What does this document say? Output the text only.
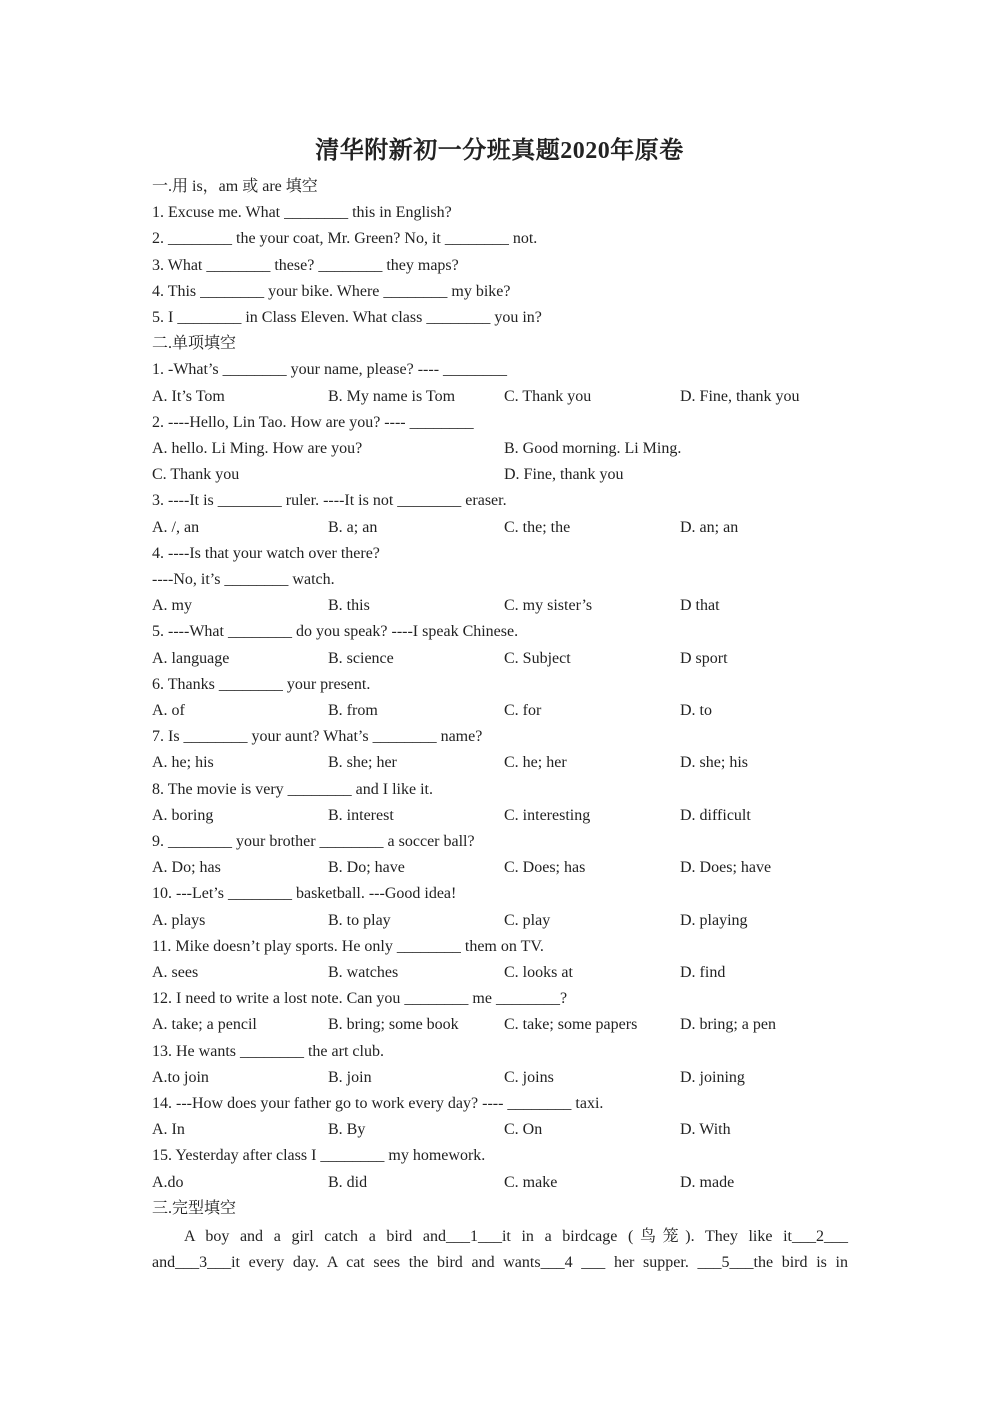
清华附新初一分班真题2020年原卷
一.用 is，am 或 are 填空
1. Excuse me. What ________ this in English?
2. ________ the your coat, Mr. Green? No, it ________ not.
3. What ________ these? ________ they maps?
4. This ________ your bike. Where ________ my bike?
5. I ________ in Class Eleven. What class ________ you in?
二.单项填空
1. -What’s ________ your name, please? ---- ________
A. It’s Tom	B. My name is Tom	C. Thank you	D. Fine, thank you
2. ----Hello, Lin Tao. How are you? ---- ________
A. hello. Li Ming. How are you?	B. Good morning. Li Ming.
C. Thank you	D. Fine, thank you
3. ----It is ________ ruler. ----It is not ________ eraser.
A. /, an	B. a; an	C. the; the	D. an; an
4. ----Is that your watch over there?
----No, it’s ________ watch.
A. my	B. this	C. my sister’s	D that
5. ----What ________ do you speak? ----I speak Chinese.
A. language	B. science	C. Subject	D sport
6. Thanks ________ your present.
A. of	B. from	C. for	D. to
7. Is ________ your aunt? What’s ________ name?
A. he; his	B. she; her	C. he; her	D. she; his
8. The movie is very ________ and I like it.
A. boring	B. interest	C. interesting	D. difficult
9. ________ your brother ________ a soccer ball?
A. Do; has	B. Do; have	C. Does; has	D. Does; have
10. ---Let’s ________ basketball. ---Good idea!
A. plays	B. to play	C. play	D. playing
11. Mike doesn’t play sports. He only ________ them on TV.
A. sees	B. watches	C. looks at	D. find
12. I need to write a lost note. Can you ________ me ________?
A. take; a pencil	B. bring; some book	C. take; some papers	D. bring; a pen
13. He wants ________ the art club.
A.to join	B. join	C. joins	D. joining
14. ---How does your father go to work every day? ---- ________ taxi.
A. In	B. By	C. On	D. With
15. Yesterday after class I ________ my homework.
A.do	B. did	C. make	D. made
三.完型填空

A boy and a girl catch a bird and___1___it in a birdcage (鸟笼). They like it___2___

and___3___it every day. A cat sees the bird and wants___4 ___ her supper. ___5___the bird is in
